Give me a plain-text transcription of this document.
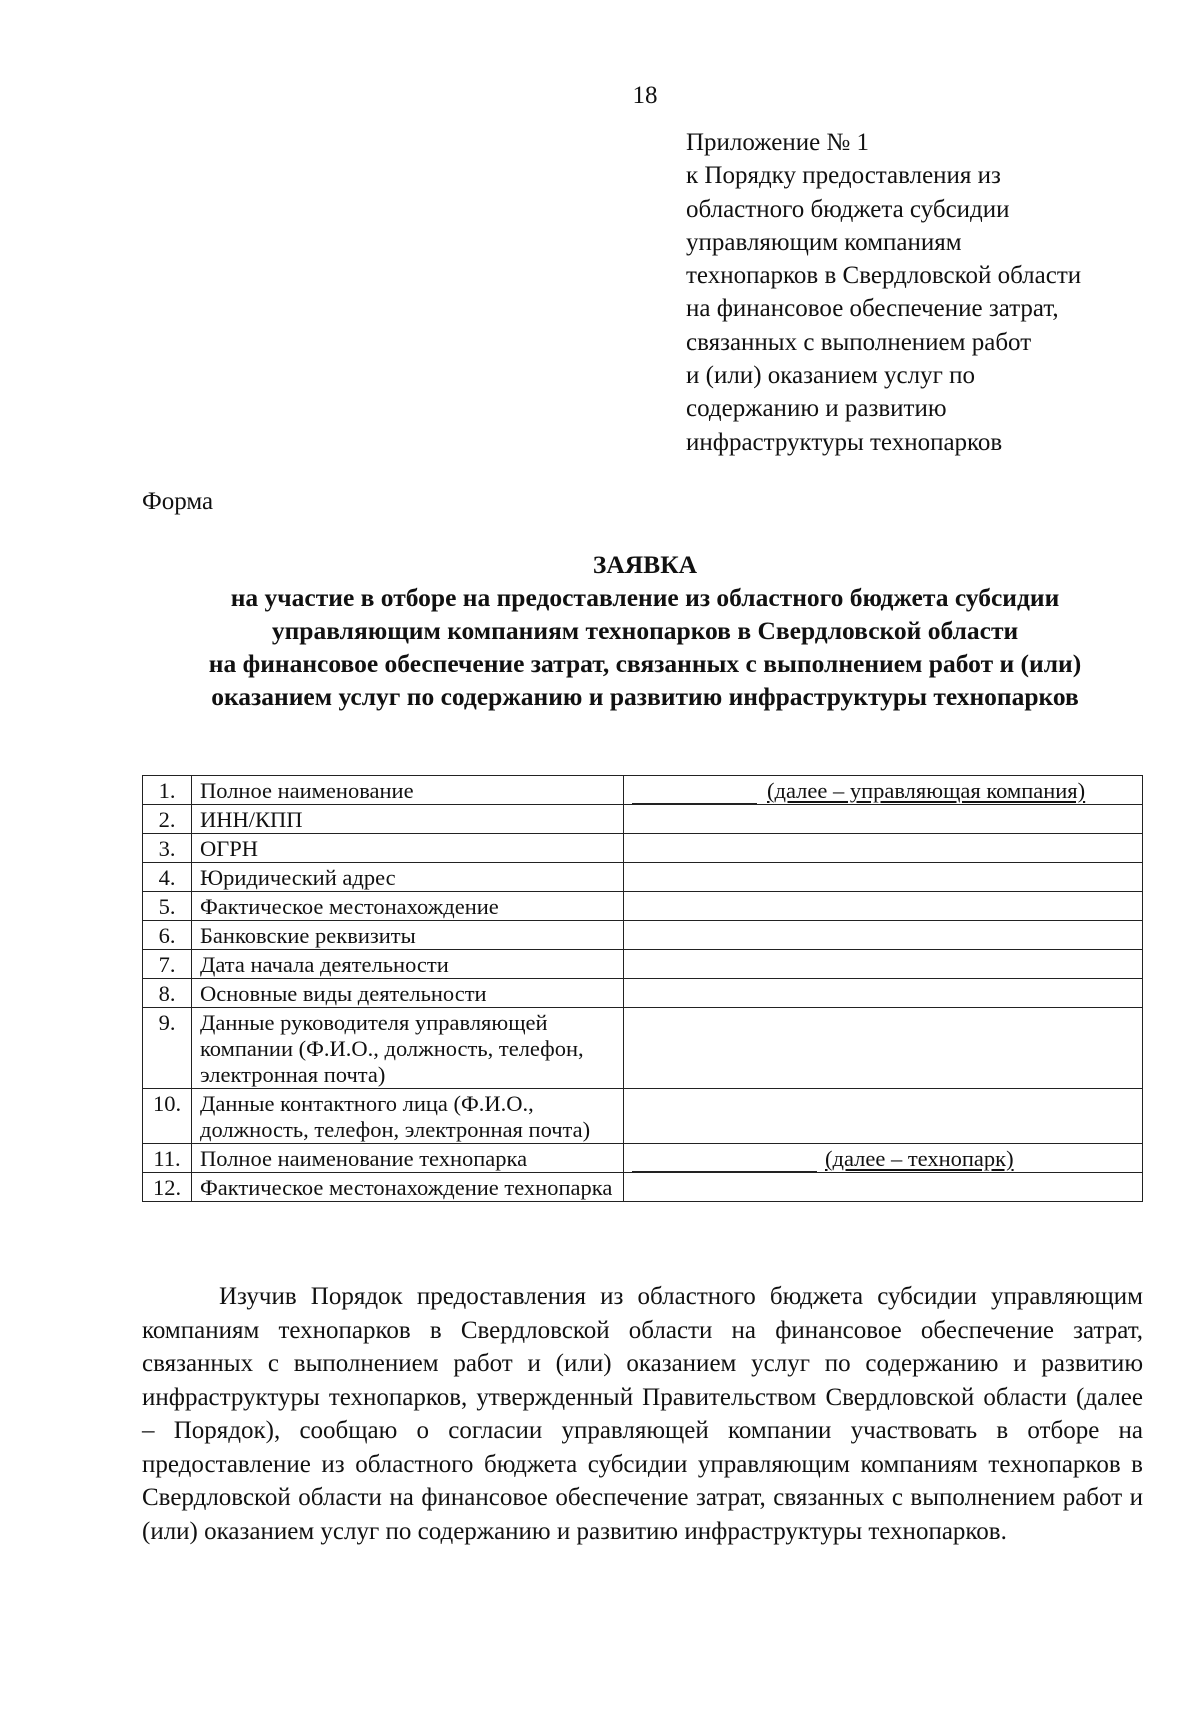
18
Приложение № 1
к Порядку предоставления из
областного бюджета субсидии
управляющим компаниям
технопарков в Свердловской области
на финансовое обеспечение затрат,
связанных с выполнением работ
и (или) оказанием услуг по
содержанию и развитию
инфраструктуры технопарков
Форма
ЗАЯВКА
на участие в отборе на предоставление из областного бюджета субсидии
управляющим компаниям технопарков в Свердловской области
на финансовое обеспечение затрат, связанных с выполнением работ и (или)
оказанием услуг по содержанию и развитию инфраструктуры технопарков
1.	Полное наименование	(далее – управляющая компания)

2.	ИНН/КПП	
3.	ОГРН	
4.	Юридический адрес	
5.	Фактическое местонахождение	
6.	Банковские реквизиты	
7.	Дата начала деятельности	
8.	Основные виды деятельности	
9.	Данные руководителя управляющей компании (Ф.И.О., должность, телефон, электронная почта)	
10.	Данные контактного лица (Ф.И.О., должность, телефон, электронная почта)	
11.	Полное наименование технопарка	(далее – технопарк)

12.	Фактическое местонахождение технопарка	

Изучив Порядок предоставления из областного бюджета субсидии управляющим компаниям технопарков в Свердловской области на финансовое обеспечение затрат, связанных с выполнением работ и (или) оказанием услуг по содержанию и развитию инфраструктуры технопарков, утвержденный Правительством Свердловской области (далее – Порядок), сообщаю о согласии управляющей компании участвовать в отборе на предоставление из областного бюджета субсидии управляющим компаниям технопарков в Свердловской области на финансовое обеспечение затрат, связанных с выполнением работ и (или) оказанием услуг по содержанию и развитию инфраструктуры технопарков.
